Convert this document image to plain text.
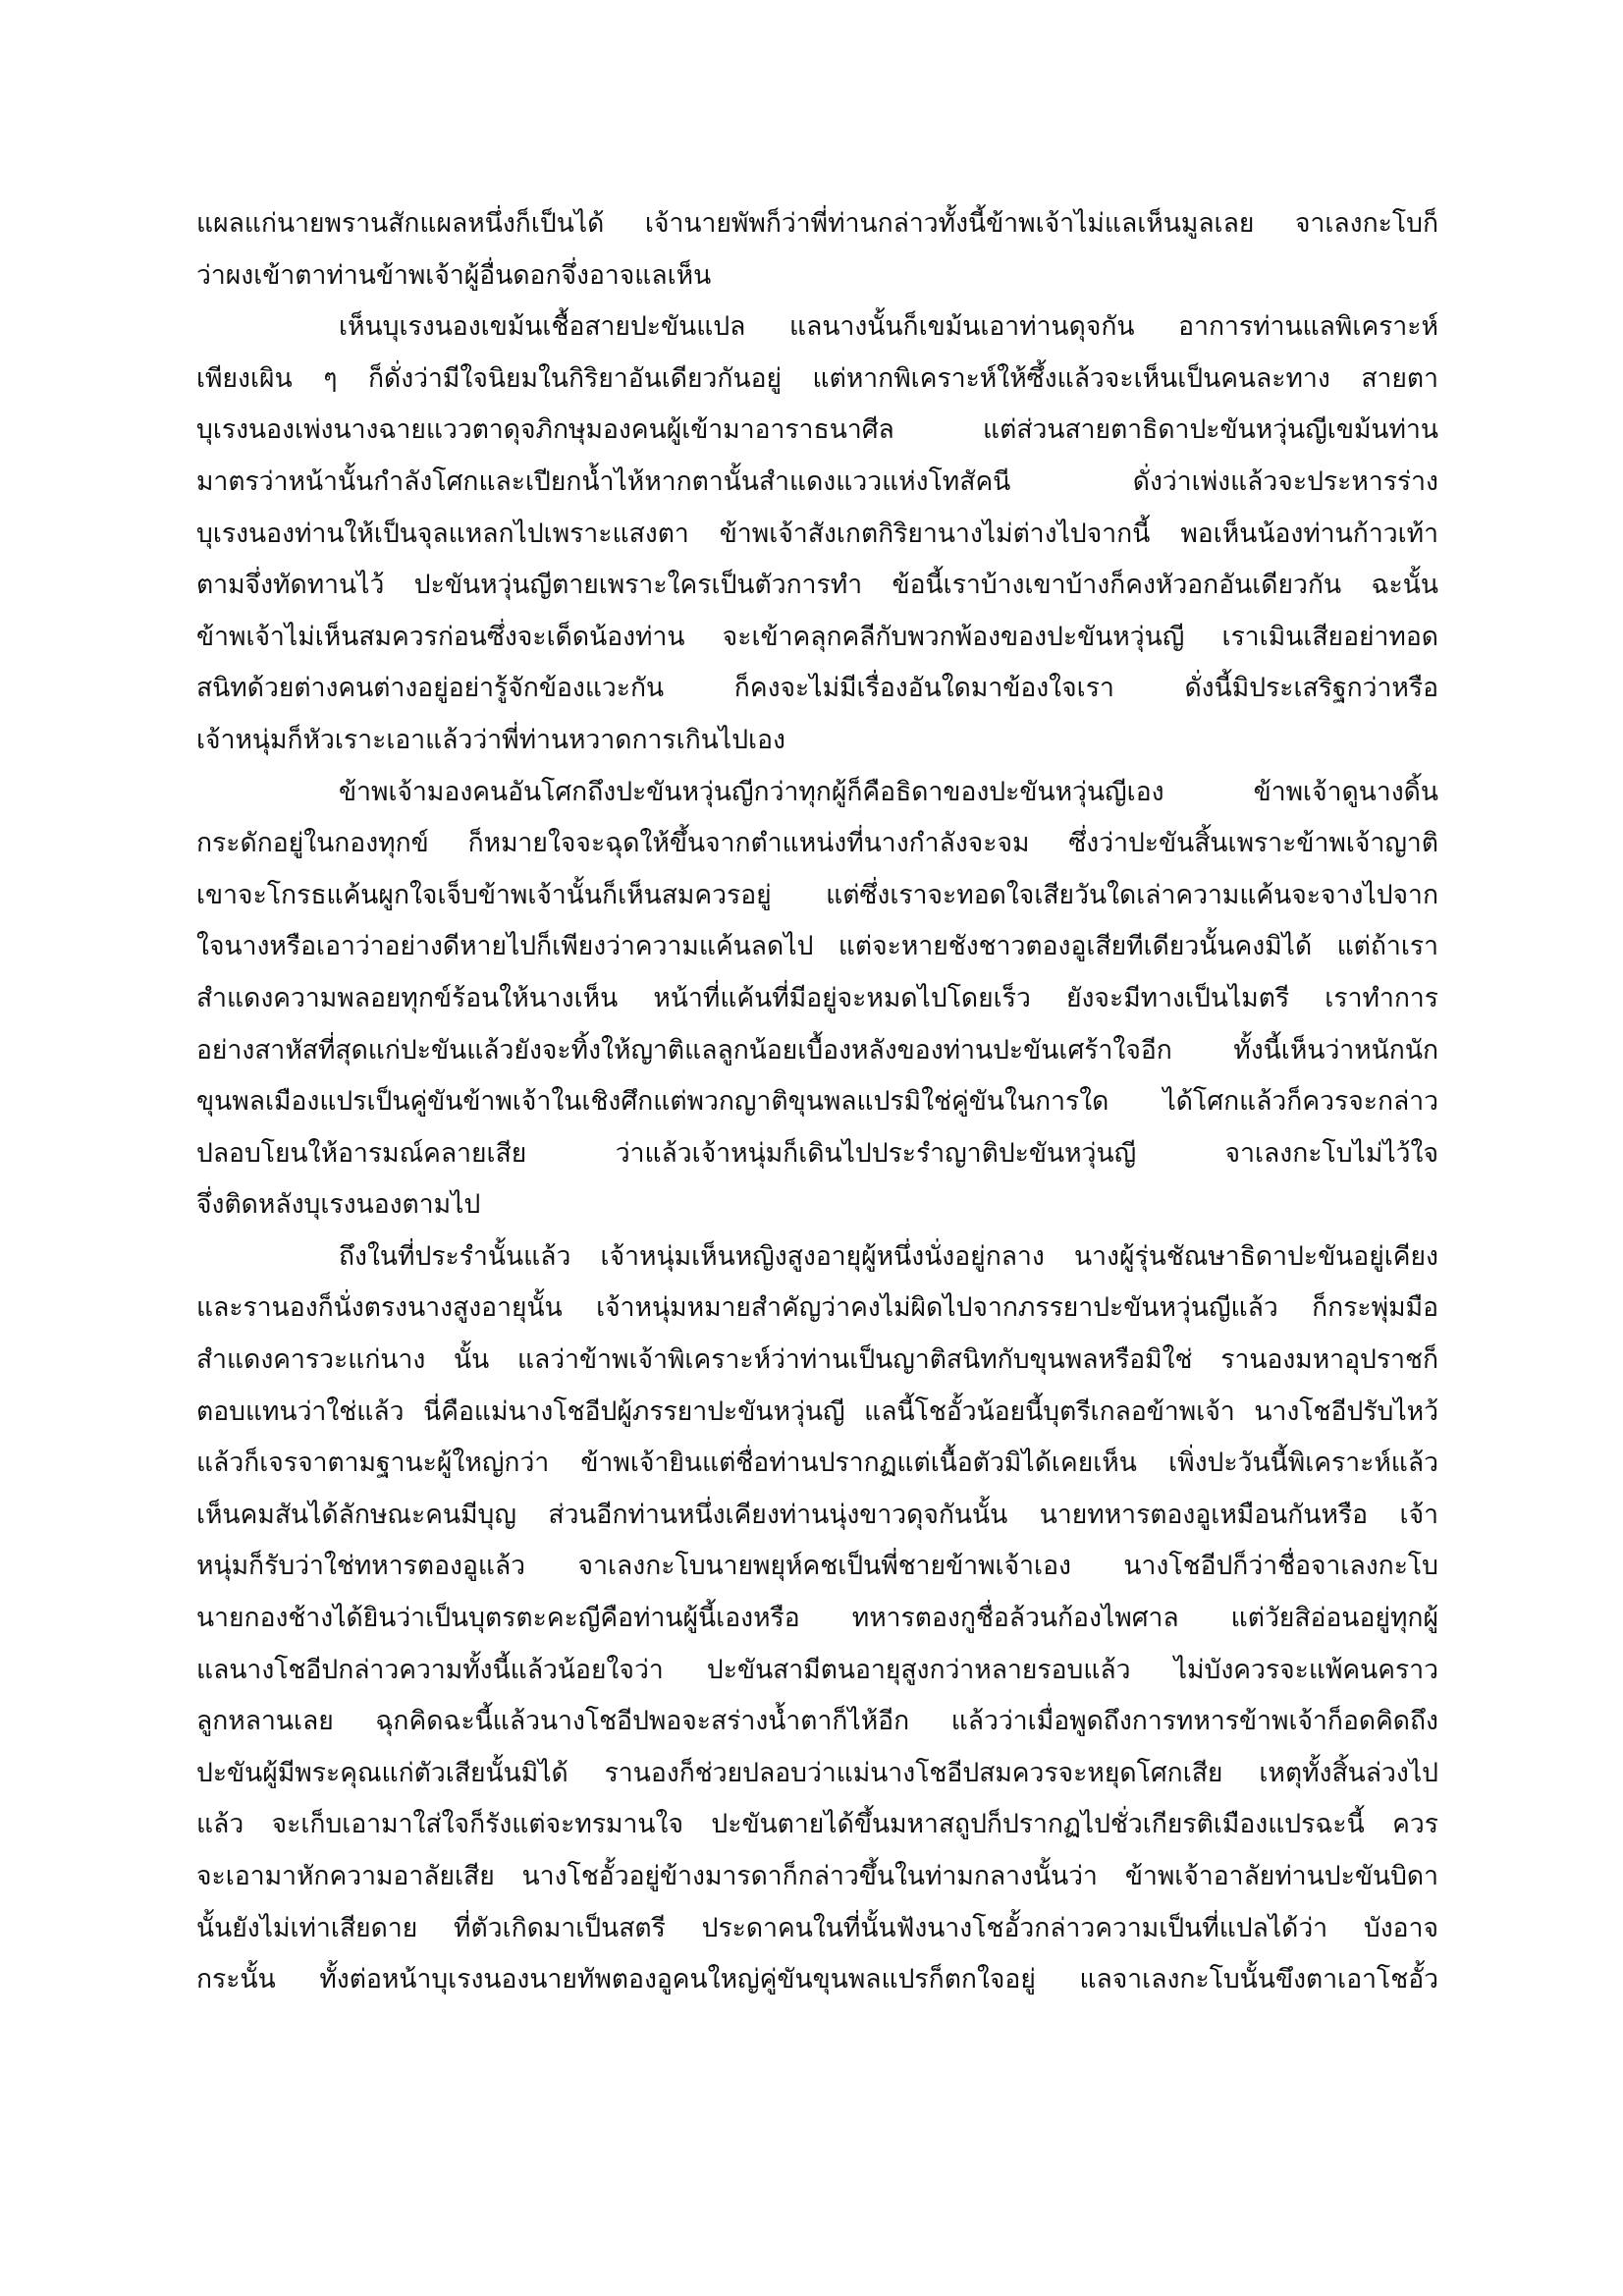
แผลแก่นายพรานสักแผลหนึ่งก็เป็นได้ เจ้านายพัพก็ว่าพี่ท่านกล่าวทั้งนี้ข้าพเจ้าไม่แลเห็นมูลเลย จาเลงกะโบก็
ว่าผงเข้าตาท่านข้าพเจ้าผู้อื่นดอกจึ่งอาจแลเห็น
เห็นบุเรงนองเขม้นเชื้อสายปะขันแปล แลนางนั้นก็เขม้นเอาท่านดุจกัน อาการท่านแลพิเคราะห์
เพียงเผิน ๆ ก็ดั่งว่ามีใจนิยมในกิริยาอันเดียวกันอยู่ แต่หากพิเคราะห์ให้ซึ้งแล้วจะเห็นเป็นคนละทาง สายตา
บุเรงนองเพ่งนางฉายแววตาดุจภิกษุมองคนผู้เข้ามาอาราธนาศีล แต่ส่วนสายตาธิดาปะขันหวุ่นญีเขม้นท่าน
มาตรว่าหน้านั้นกำลังโศกและเปียกน้ำไห้หากตานั้นสำแดงแววแห่งโทสัคนี ดั่งว่าเพ่งแล้วจะประหารร่าง
บุเรงนองท่านให้เป็นจุลแหลกไปเพราะแสงตา ข้าพเจ้าสังเกตกิริยานางไม่ต่างไปจากนี้ พอเห็นน้องท่านก้าวเท้า
ตามจึ่งทัดทานไว้ ปะขันหวุ่นญีตายเพราะใครเป็นตัวการทำ ข้อนี้เราบ้างเขาบ้างก็คงหัวอกอันเดียวกัน ฉะนั้น
ข้าพเจ้าไม่เห็นสมควรก่อนซึ่งจะเด็ดน้องท่าน จะเข้าคลุกคลีกับพวกพ้องของปะขันหวุ่นญี เราเมินเสียอย่าทอด
สนิทด้วยต่างคนต่างอยู่อย่ารู้จักข้องแวะกัน ก็คงจะไม่มีเรื่องอันใดมาข้องใจเรา ดั่งนี้มิประเสริฐกว่าหรือ
เจ้าหนุ่มก็หัวเราะเอาแล้วว่าพี่ท่านหวาดการเกินไปเอง
ข้าพเจ้ามองคนอันโศกถึงปะขันหวุ่นญีกว่าทุกผู้ก็คือธิดาของปะขันหวุ่นญีเอง ข้าพเจ้าดูนางดิ้น
กระดักอยู่ในกองทุกข์ ก็หมายใจจะฉุดให้ขึ้นจากตำแหน่งที่นางกำลังจะจม ซึ่งว่าปะขันสิ้นเพราะข้าพเจ้าญาติ
เขาจะโกรธแค้นผูกใจเจ็บข้าพเจ้านั้นก็เห็นสมควรอยู่ แต่ซึ่งเราจะทอดใจเสียวันใดเล่าความแค้นจะจางไปจาก
ใจนางหรือเอาว่าอย่างดีหายไปก็เพียงว่าความแค้นลดไป แต่จะหายชังชาวตองอูเสียทีเดียวนั้นคงมิได้ แต่ถ้าเรา
สำแดงความพลอยทุกข์ร้อนให้นางเห็น หน้าที่แค้นที่มีอยู่จะหมดไปโดยเร็ว ยังจะมีทางเป็นไมตรี เราทำการ
อย่างสาหัสที่สุดแก่ปะขันแล้วยังจะทิ้งให้ญาติแลลูกน้อยเบื้องหลังของท่านปะขันเศร้าใจอีก ทั้งนี้เห็นว่าหนักนัก
ขุนพลเมืองแปรเป็นคู่ขันข้าพเจ้าในเชิงศึกแต่พวกญาติขุนพลแปรมิใช่คู่ขันในการใด ได้โศกแล้วก็ควรจะกล่าว
ปลอบโยนให้อารมณ์คลายเสีย ว่าแล้วเจ้าหนุ่มก็เดินไปประรำญาติปะขันหวุ่นญี จาเลงกะโบไม่ไว้ใจ
จึ่งติดหลังบุเรงนองตามไป
ถึงในที่ประรำนั้นแล้ว เจ้าหนุ่มเห็นหญิงสูงอายุผู้หนึ่งนั่งอยู่กลาง นางผู้รุ่นชัณษาธิดาปะขันอยู่เคียง
และรานองก็นั่งตรงนางสูงอายุนั้น เจ้าหนุ่มหมายสำคัญว่าคงไม่ผิดไปจากภรรยาปะขันหวุ่นญีแล้ว ก็กระพุ่มมือ
สำแดงคารวะแก่นาง นั้น แลว่าข้าพเจ้าพิเคราะห์ว่าท่านเป็นญาติสนิทกับขุนพลหรือมิใช่ รานองมหาอุปราชก็
ตอบแทนว่าใช่แล้ว นี่คือแม่นางโชอีปผู้ภรรยาปะขันหวุ่นญี แลนี้โชอั้วน้อยนี้บุตรีเกลอข้าพเจ้า นางโชอีปรับไหว้
แล้วก็เจรจาตามฐานะผู้ใหญ่กว่า ข้าพเจ้ายินแต่ชื่อท่านปรากฏแต่เนื้อตัวมิได้เคยเห็น เพิ่งปะวันนี้พิเคราะห์แล้ว
เห็นคมสันได้ลักษณะคนมีบุญ ส่วนอีกท่านหนึ่งเคียงท่านนุ่งขาวดุจกันนั้น นายทหารตองอูเหมือนกันหรือ เจ้า
หนุ่มก็รับว่าใช่ทหารตองอูแล้ว จาเลงกะโบนายพยุห์คชเป็นพี่ชายข้าพเจ้าเอง นางโชอีปก็ว่าชื่อจาเลงกะโบ
นายกองช้างได้ยินว่าเป็นบุตรตะคะญีคือท่านผู้นี้เองหรือ ทหารตองกูชื่อล้วนก้องไพศาล แต่วัยสิอ่อนอยู่ทุกผู้
แลนางโชอีปกล่าวความทั้งนี้แล้วน้อยใจว่า ปะขันสามีตนอายุสูงกว่าหลายรอบแล้ว ไม่บังควรจะแพ้คนคราว
ลูกหลานเลย ฉุกคิดฉะนี้แล้วนางโชอีปพอจะสร่างน้ำตาก็ไห้อีก แล้วว่าเมื่อพูดถึงการทหารข้าพเจ้าก็อดคิดถึง
ปะขันผู้มีพระคุณแก่ตัวเสียนั้นมิได้ รานองก็ช่วยปลอบว่าแม่นางโชอีปสมควรจะหยุดโศกเสีย เหตุทั้งสิ้นล่วงไป
แล้ว จะเก็บเอามาใส่ใจก็รังแต่จะทรมานใจ ปะขันตายได้ขึ้นมหาสถูปก็ปรากฏไปชั่วเกียรติเมืองแปรฉะนี้ ควร
จะเอามาหักความอาลัยเสีย นางโชอั้วอยู่ข้างมารดาก็กล่าวขึ้นในท่ามกลางนั้นว่า ข้าพเจ้าอาลัยท่านปะขันบิดา
นั้นยังไม่เท่าเสียดาย ที่ตัวเกิดมาเป็นสตรี ประดาคนในที่นั้นฟังนางโชอั้วกล่าวความเป็นที่แปลได้ว่า บังอาจ
กระนั้น ทั้งต่อหน้าบุเรงนองนายทัพตองอูคนใหญ่คู่ขันขุนพลแปรก็ตกใจอยู่ แลจาเลงกะโบนั้นขึงตาเอาโชอั้ว
